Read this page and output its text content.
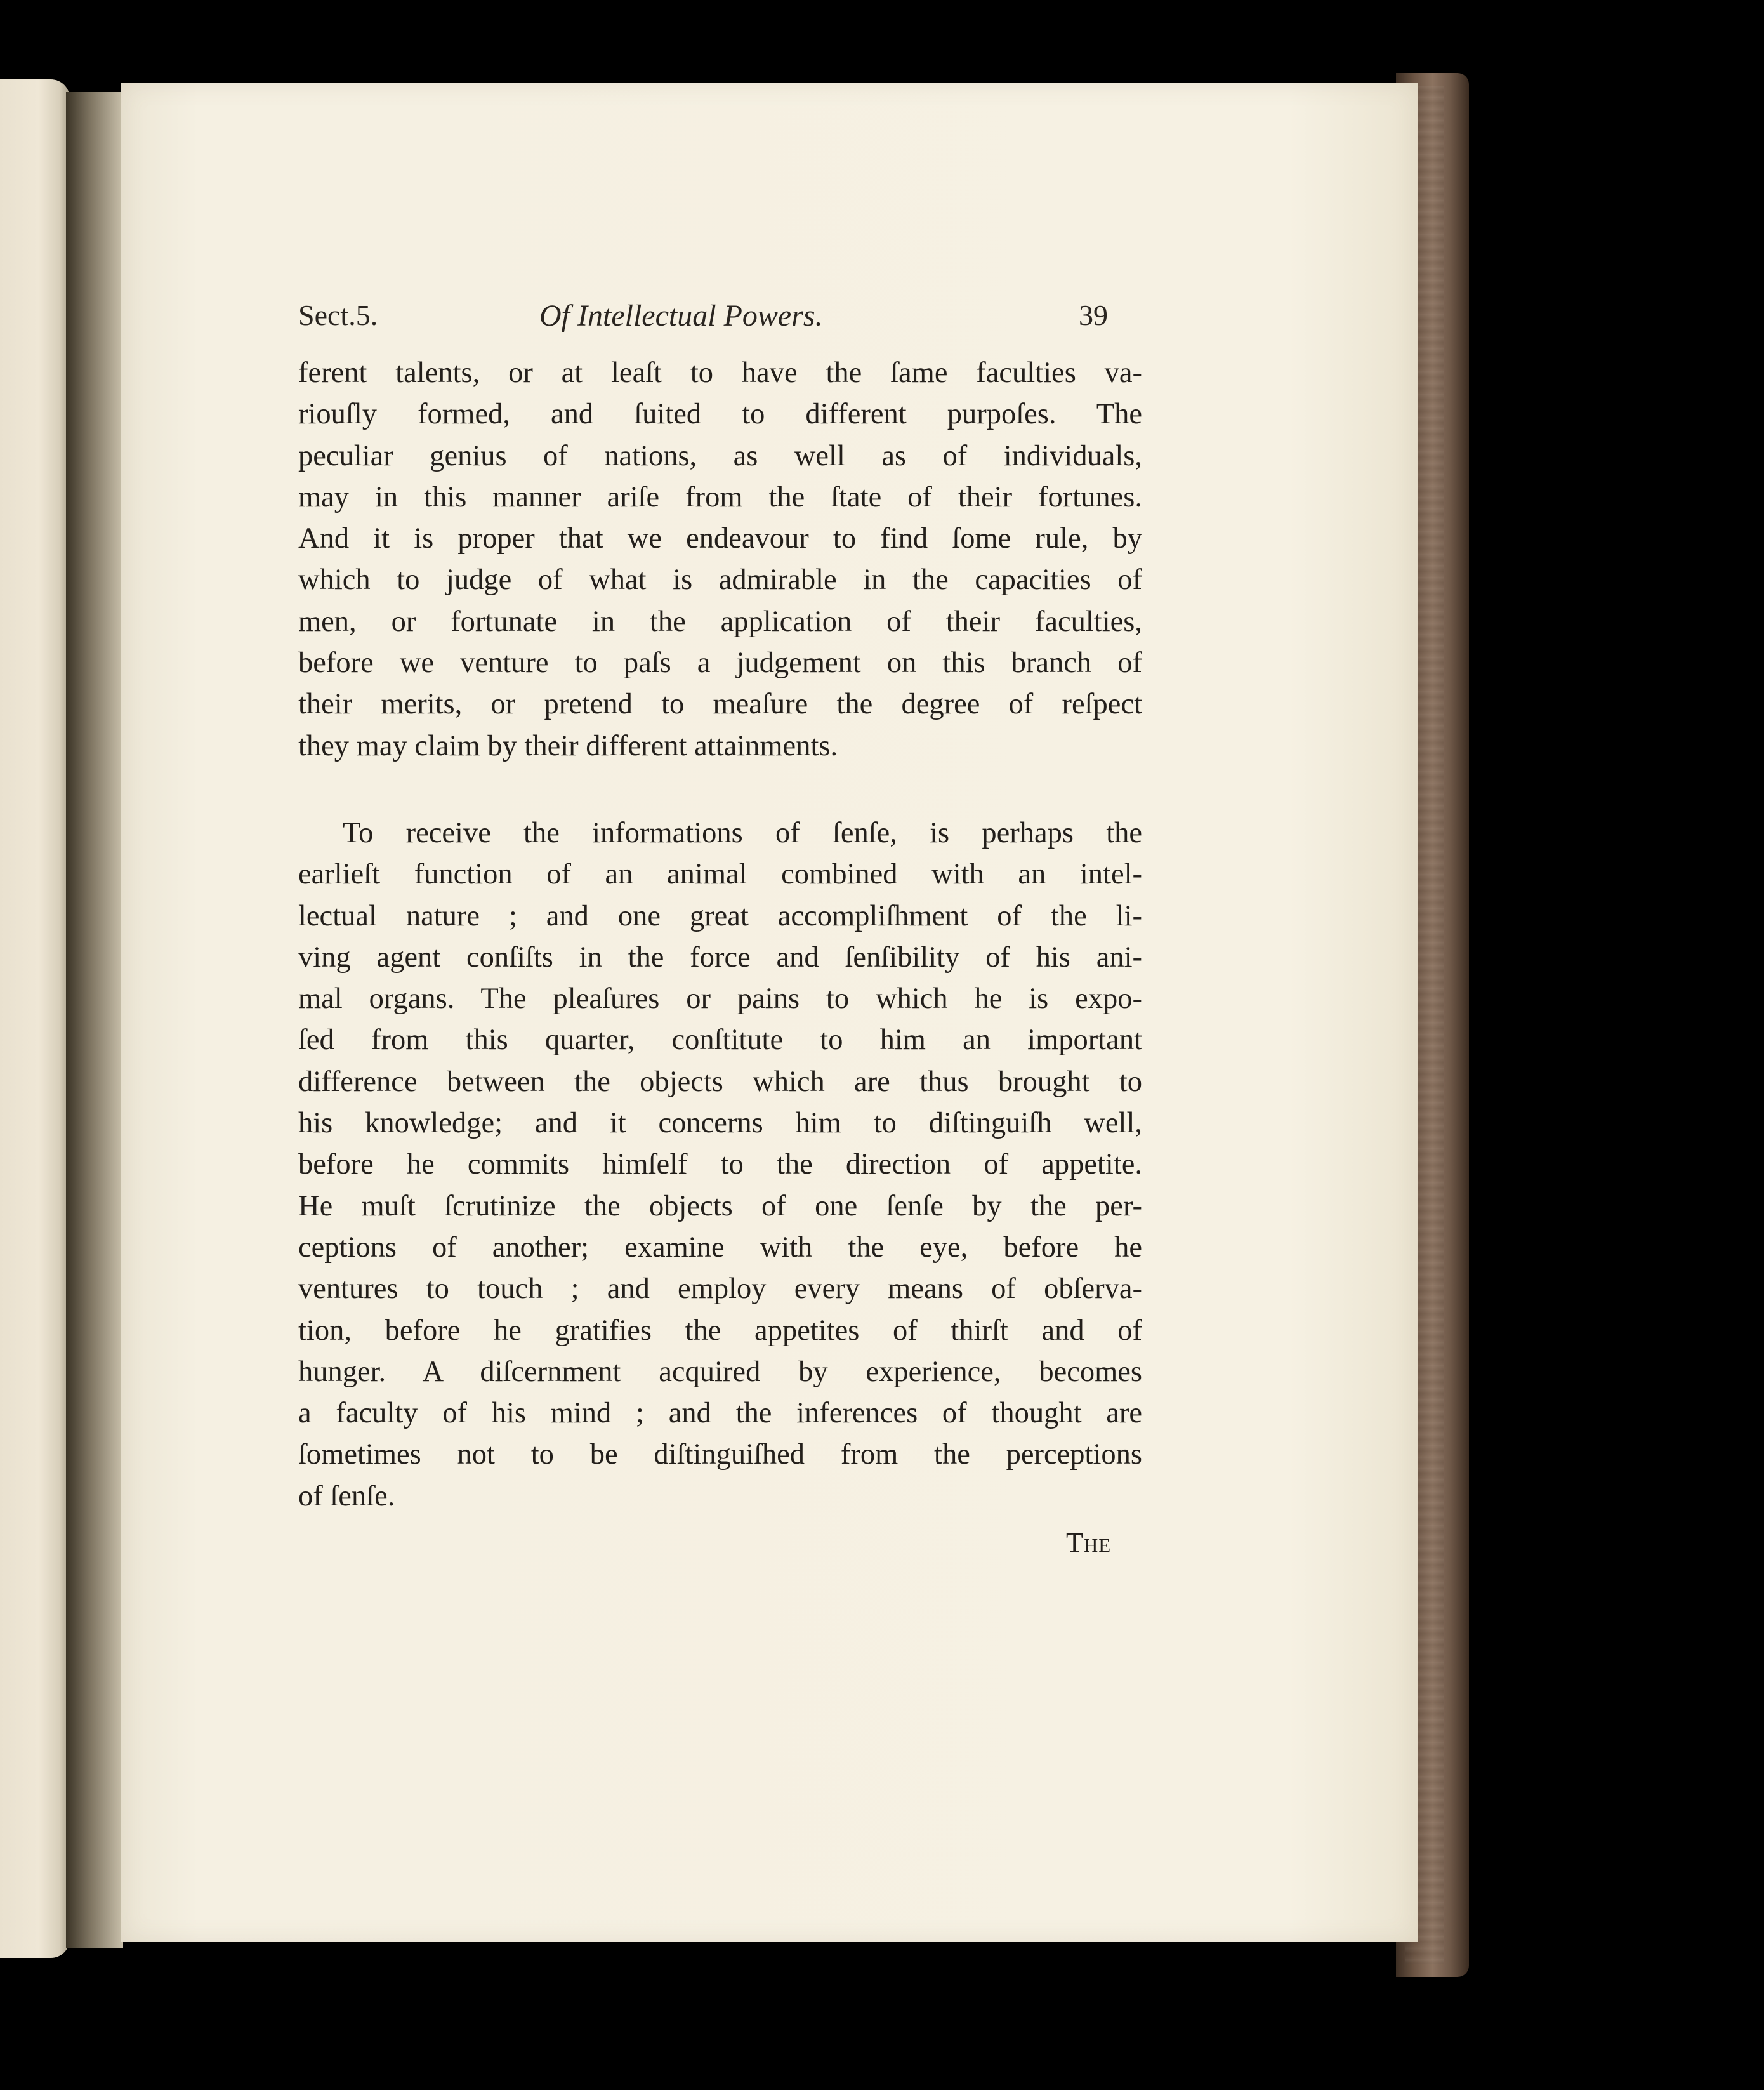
Sect.5.	Of Intellectual Powers.	39
ferent talents, or at leaſt to have the ſame faculties va-
riouſly formed, and ſuited to different purpoſes. The
peculiar genius of nations, as well as of individuals,
may in this manner ariſe from the ſtate of their fortunes.
And it is proper that we endeavour to find ſome rule, by
which to judge of what is admirable in the capacities of
men, or fortunate in the application of their faculties,
before we venture to paſs a judgement on this branch of
their merits, or pretend to meaſure the degree of reſpect
they may claim by their different attainments.
To receive the informations of ſenſe, is perhaps the
earlieſt function of an animal combined with an intel-
lectual nature ; and one great accompliſhment of the li-
ving agent conſiſts in the force and ſenſibility of his ani-
mal organs. The pleaſures or pains to which he is expo-
ſed from this quarter, conſtitute to him an important
difference between the objects which are thus brought to
his knowledge; and it concerns him to diſtinguiſh well,
before he commits himſelf to the direction of appetite.
He muſt ſcrutinize the objects of one ſenſe by the per-
ceptions of another; examine with the eye, before he
ventures to touch ; and employ every means of obſerva-
tion, before he gratifies the appetites of thirſt and of
hunger. A diſcernment acquired by experience, becomes
a faculty of his mind ; and the inferences of thought are
ſometimes not to be diſtinguiſhed from the perceptions
of ſenſe.
The
